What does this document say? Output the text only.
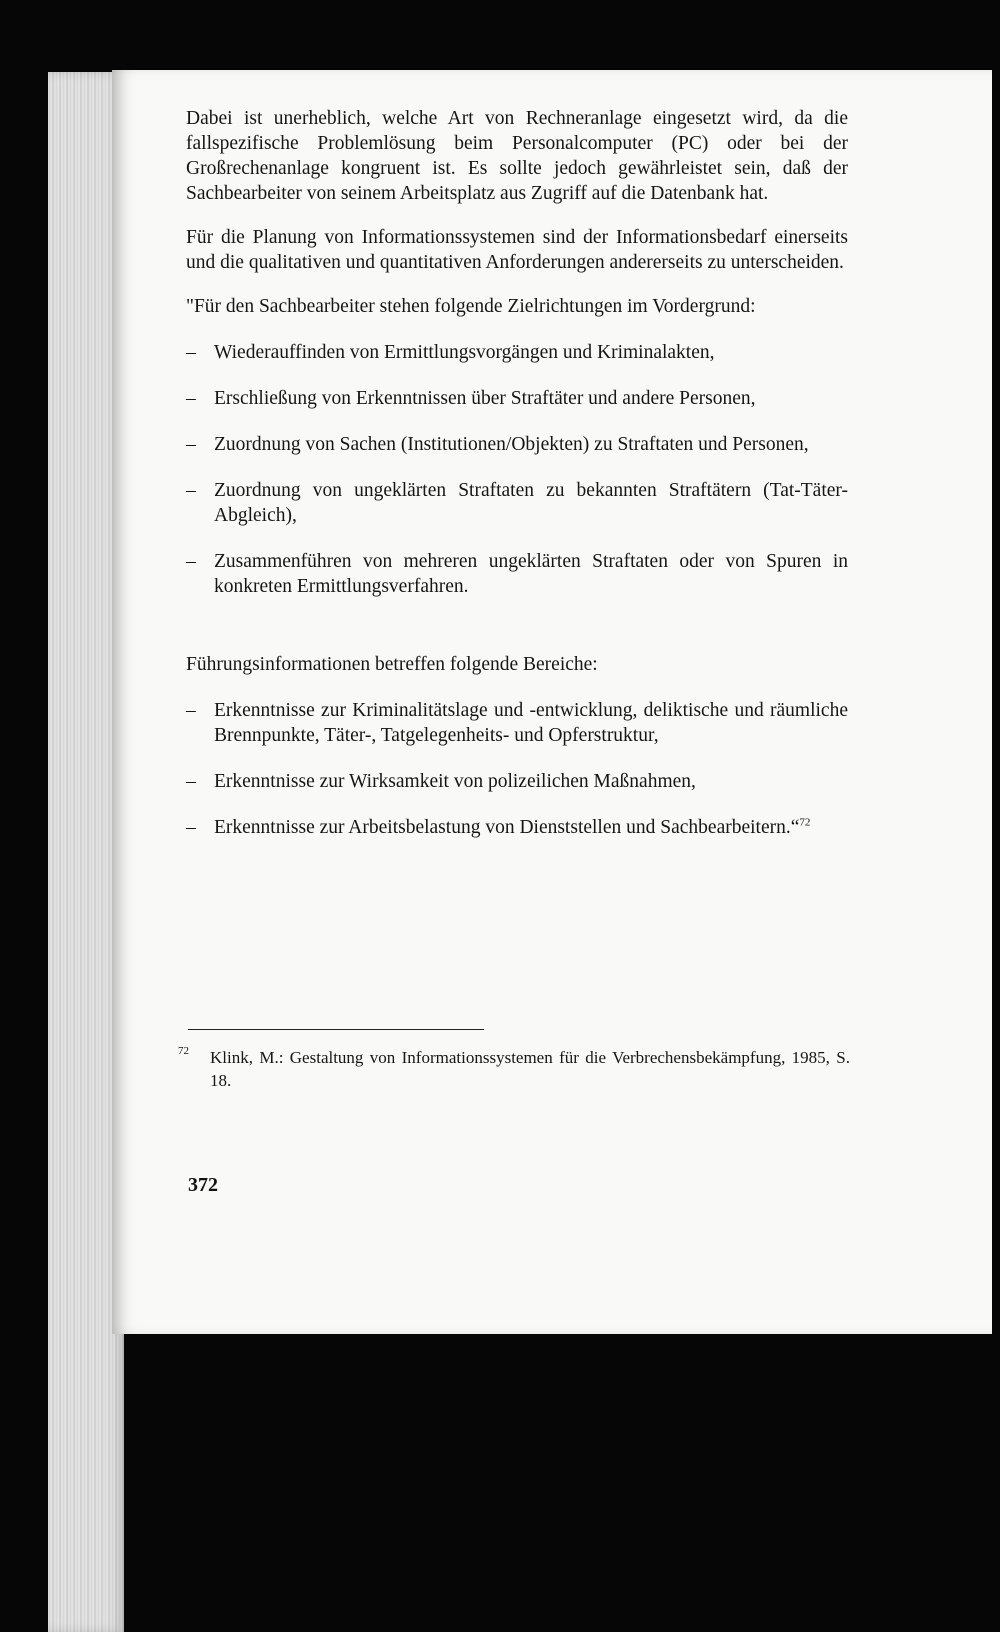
Dabei ist unerheblich, welche Art von Rechneranlage eingesetzt wird, da die fallspezifische Problemlösung beim Personalcomputer (PC) oder bei der Großrechenanlage kongruent ist. Es sollte jedoch gewährleistet sein, daß der Sachbearbeiter von seinem Arbeitsplatz aus Zugriff auf die Datenbank hat.

Für die Planung von Informationssystemen sind der Informationsbedarf einerseits und die qualitativen und quantitativen Anforderungen andererseits zu unterscheiden.

"Für den Sachbearbeiter stehen folgende Zielrichtungen im Vordergrund:

– Wiederauffinden von Ermittlungsvorgängen und Kriminalakten,
– Erschließung von Erkenntnissen über Straftäter und andere Personen,
– Zuordnung von Sachen (Institutionen/Objekten) zu Straftaten und Personen,
– Zuordnung von ungeklärten Straftaten zu bekannten Straftätern (Tat-Täter-Abgleich),
– Zusammenführen von mehreren ungeklärten Straftaten oder von Spuren in konkreten Ermittlungsverfahren.

Führungsinformationen betreffen folgende Bereiche:

– Erkenntnisse zur Kriminalitätslage und -entwicklung, deliktische und räumliche Brennpunkte, Täter-, Tatgelegenheits- und Opferstruktur,
– Erkenntnisse zur Wirksamkeit von polizeilichen Maßnahmen,
– Erkenntnisse zur Arbeitsbelastung von Dienststellen und Sachbearbeitern.“$^{72}$
72 Klink, M.: Gestaltung von Informationssystemen für die Verbrechensbekämpfung, 1985, S. 18.
372
